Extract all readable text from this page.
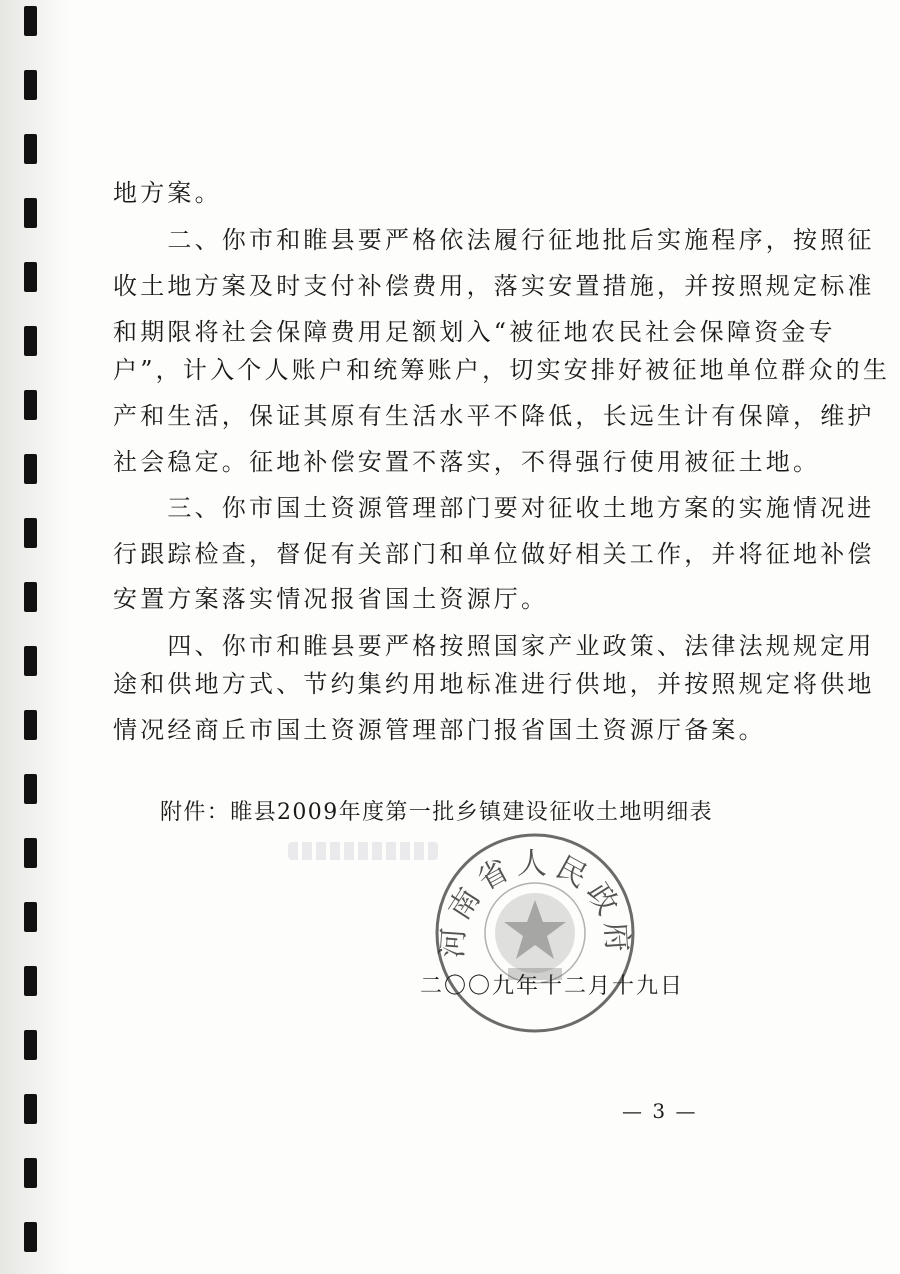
地方案。
　　二、你市和睢县要严格依法履行征地批后实施程序，按照征
收土地方案及时支付补偿费用，落实安置措施，并按照规定标准
和期限将社会保障费用足额划入“被征地农民社会保障资金专
户”，计入个人账户和统筹账户，切实安排好被征地单位群众的生
产和生活，保证其原有生活水平不降低，长远生计有保障，维护
社会稳定。征地补偿安置不落实，不得强行使用被征土地。
　　三、你市国土资源管理部门要对征收土地方案的实施情况进
行跟踪检查，督促有关部门和单位做好相关工作，并将征地补偿
安置方案落实情况报省国土资源厅。
　　四、你市和睢县要严格按照国家产业政策、法律法规规定用
途和供地方式、节约集约用地标准进行供地，并按照规定将供地
情况经商丘市国土资源管理部门报省国土资源厅备案。
附件：睢县2009年度第一批乡镇建设征收土地明细表
河南省人民政府
二〇〇九年十二月十九日
— 3 —
